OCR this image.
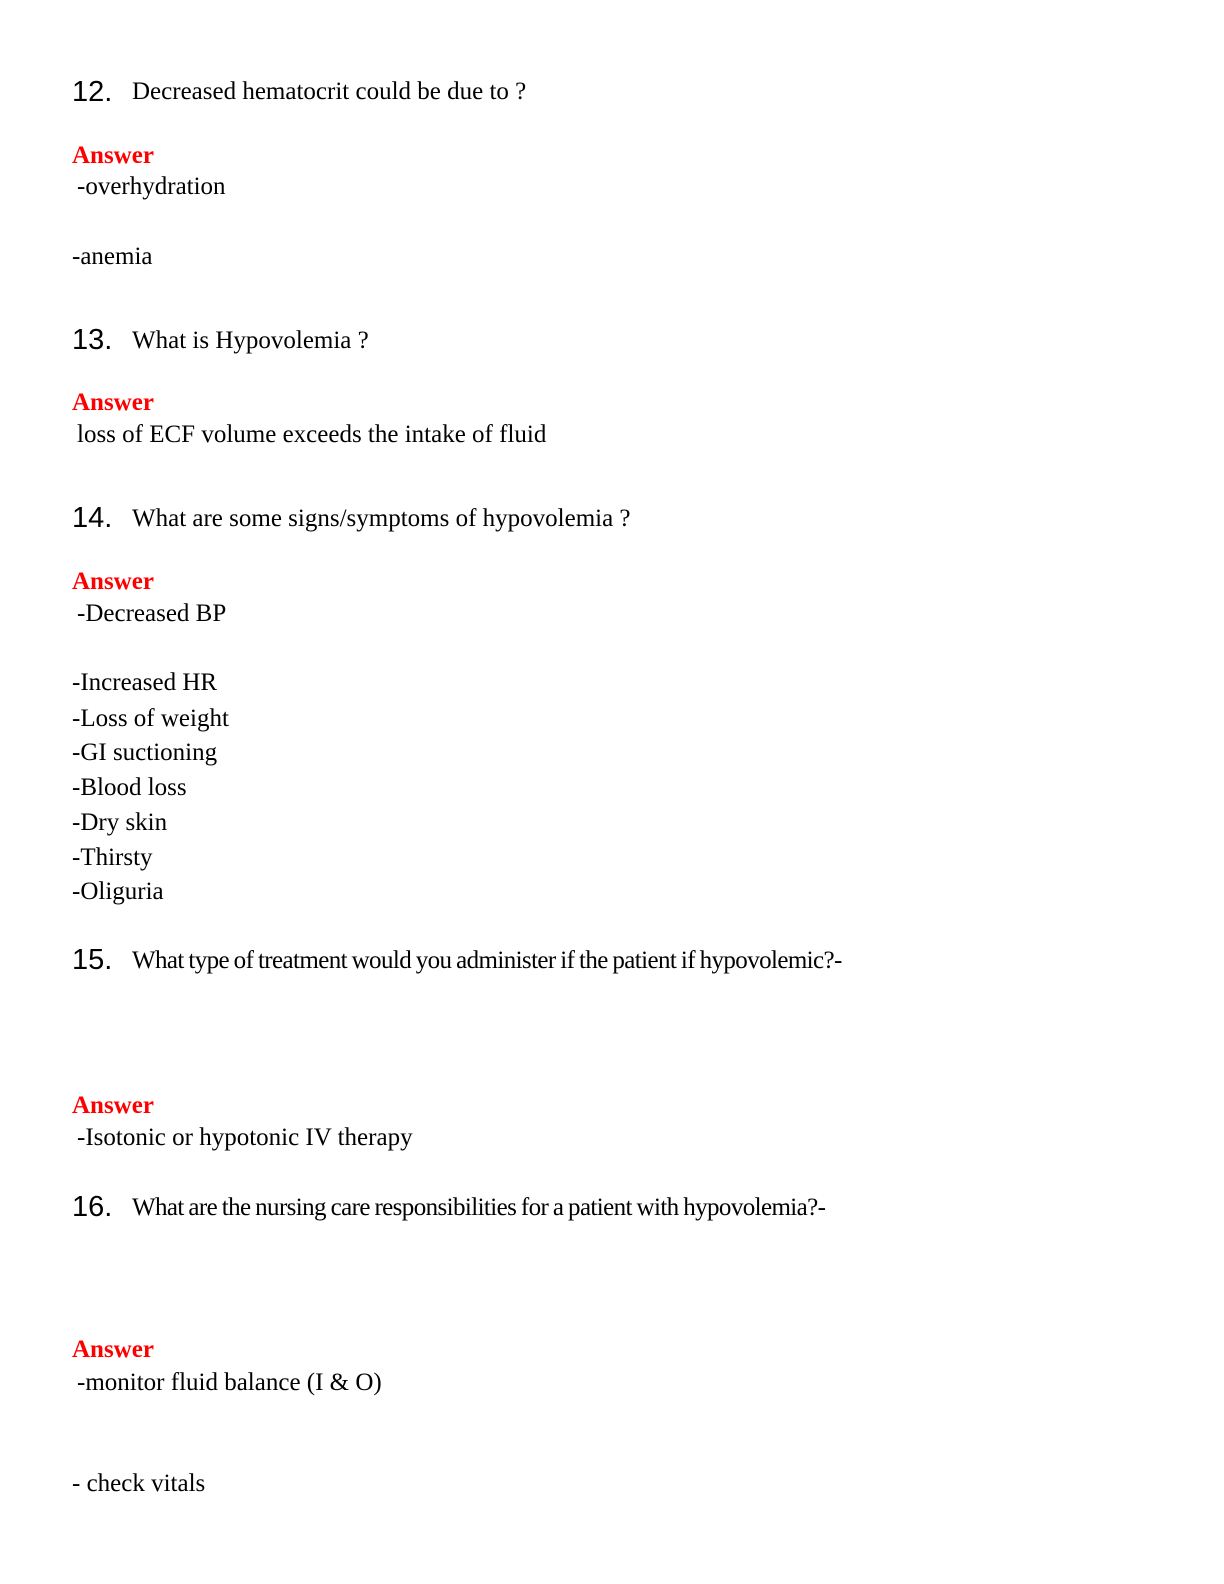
12. Decreased hematocrit could be due to ?
Answer
-overhydration
-anemia
13. What is Hypovolemia ?
Answer
loss of ECF volume exceeds the intake of fluid
14. What are some signs/symptoms of hypovolemia ?
Answer
-Decreased BP
-Increased HR
-Loss of weight
-GI suctioning
-Blood loss
-Dry skin
-Thirsty
-Oliguria
15. What type of treatment would you administer if the patient if hypovolemic?-
Answer
-Isotonic or hypotonic IV therapy
16. What are the nursing care responsibilities for a patient with hypovolemia?-
Answer
-monitor fluid balance (I & O)
- check vitals
